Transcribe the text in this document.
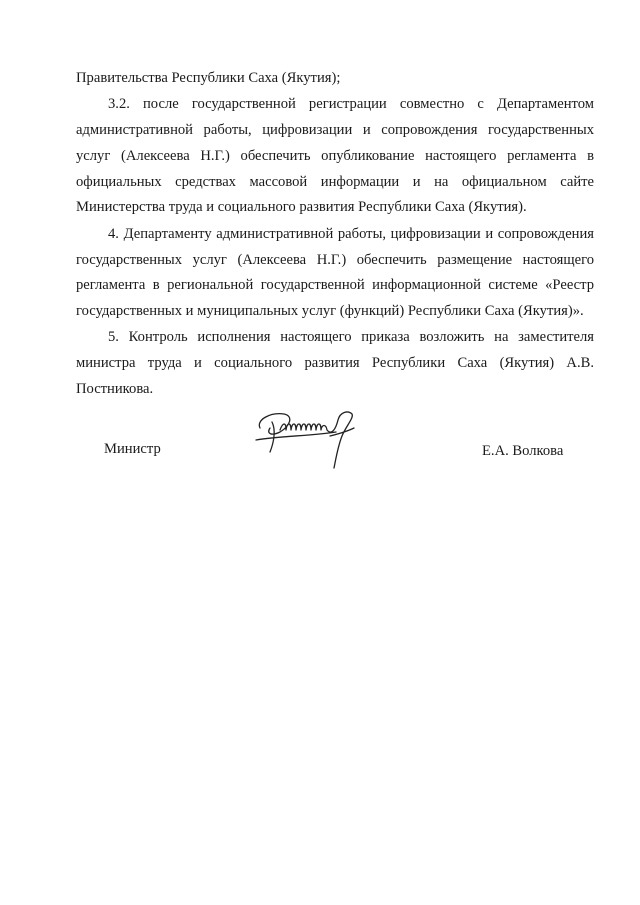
Правительства Республики Саха (Якутия);

3.2. после государственной регистрации совместно с Департаментом административной работы, цифровизации и сопровождения государственных услуг (Алексеева Н.Г.) обеспечить опубликование настоящего регламента в официальных средствах массовой информации и на официальном сайте Министерства труда и социального развития Республики Саха (Якутия).

4. Департаменту административной работы, цифровизации и сопровождения государственных услуг (Алексеева Н.Г.) обеспечить размещение настоящего регламента в региональной государственной информационной системе «Реестр государственных и муниципальных услуг (функций) Республики Саха (Якутия)».

5. Контроль исполнения настоящего приказа возложить на заместителя министра труда и социального развития Республики Саха (Якутия) А.В. Постникова.

Министр	Е.А. Волкова
